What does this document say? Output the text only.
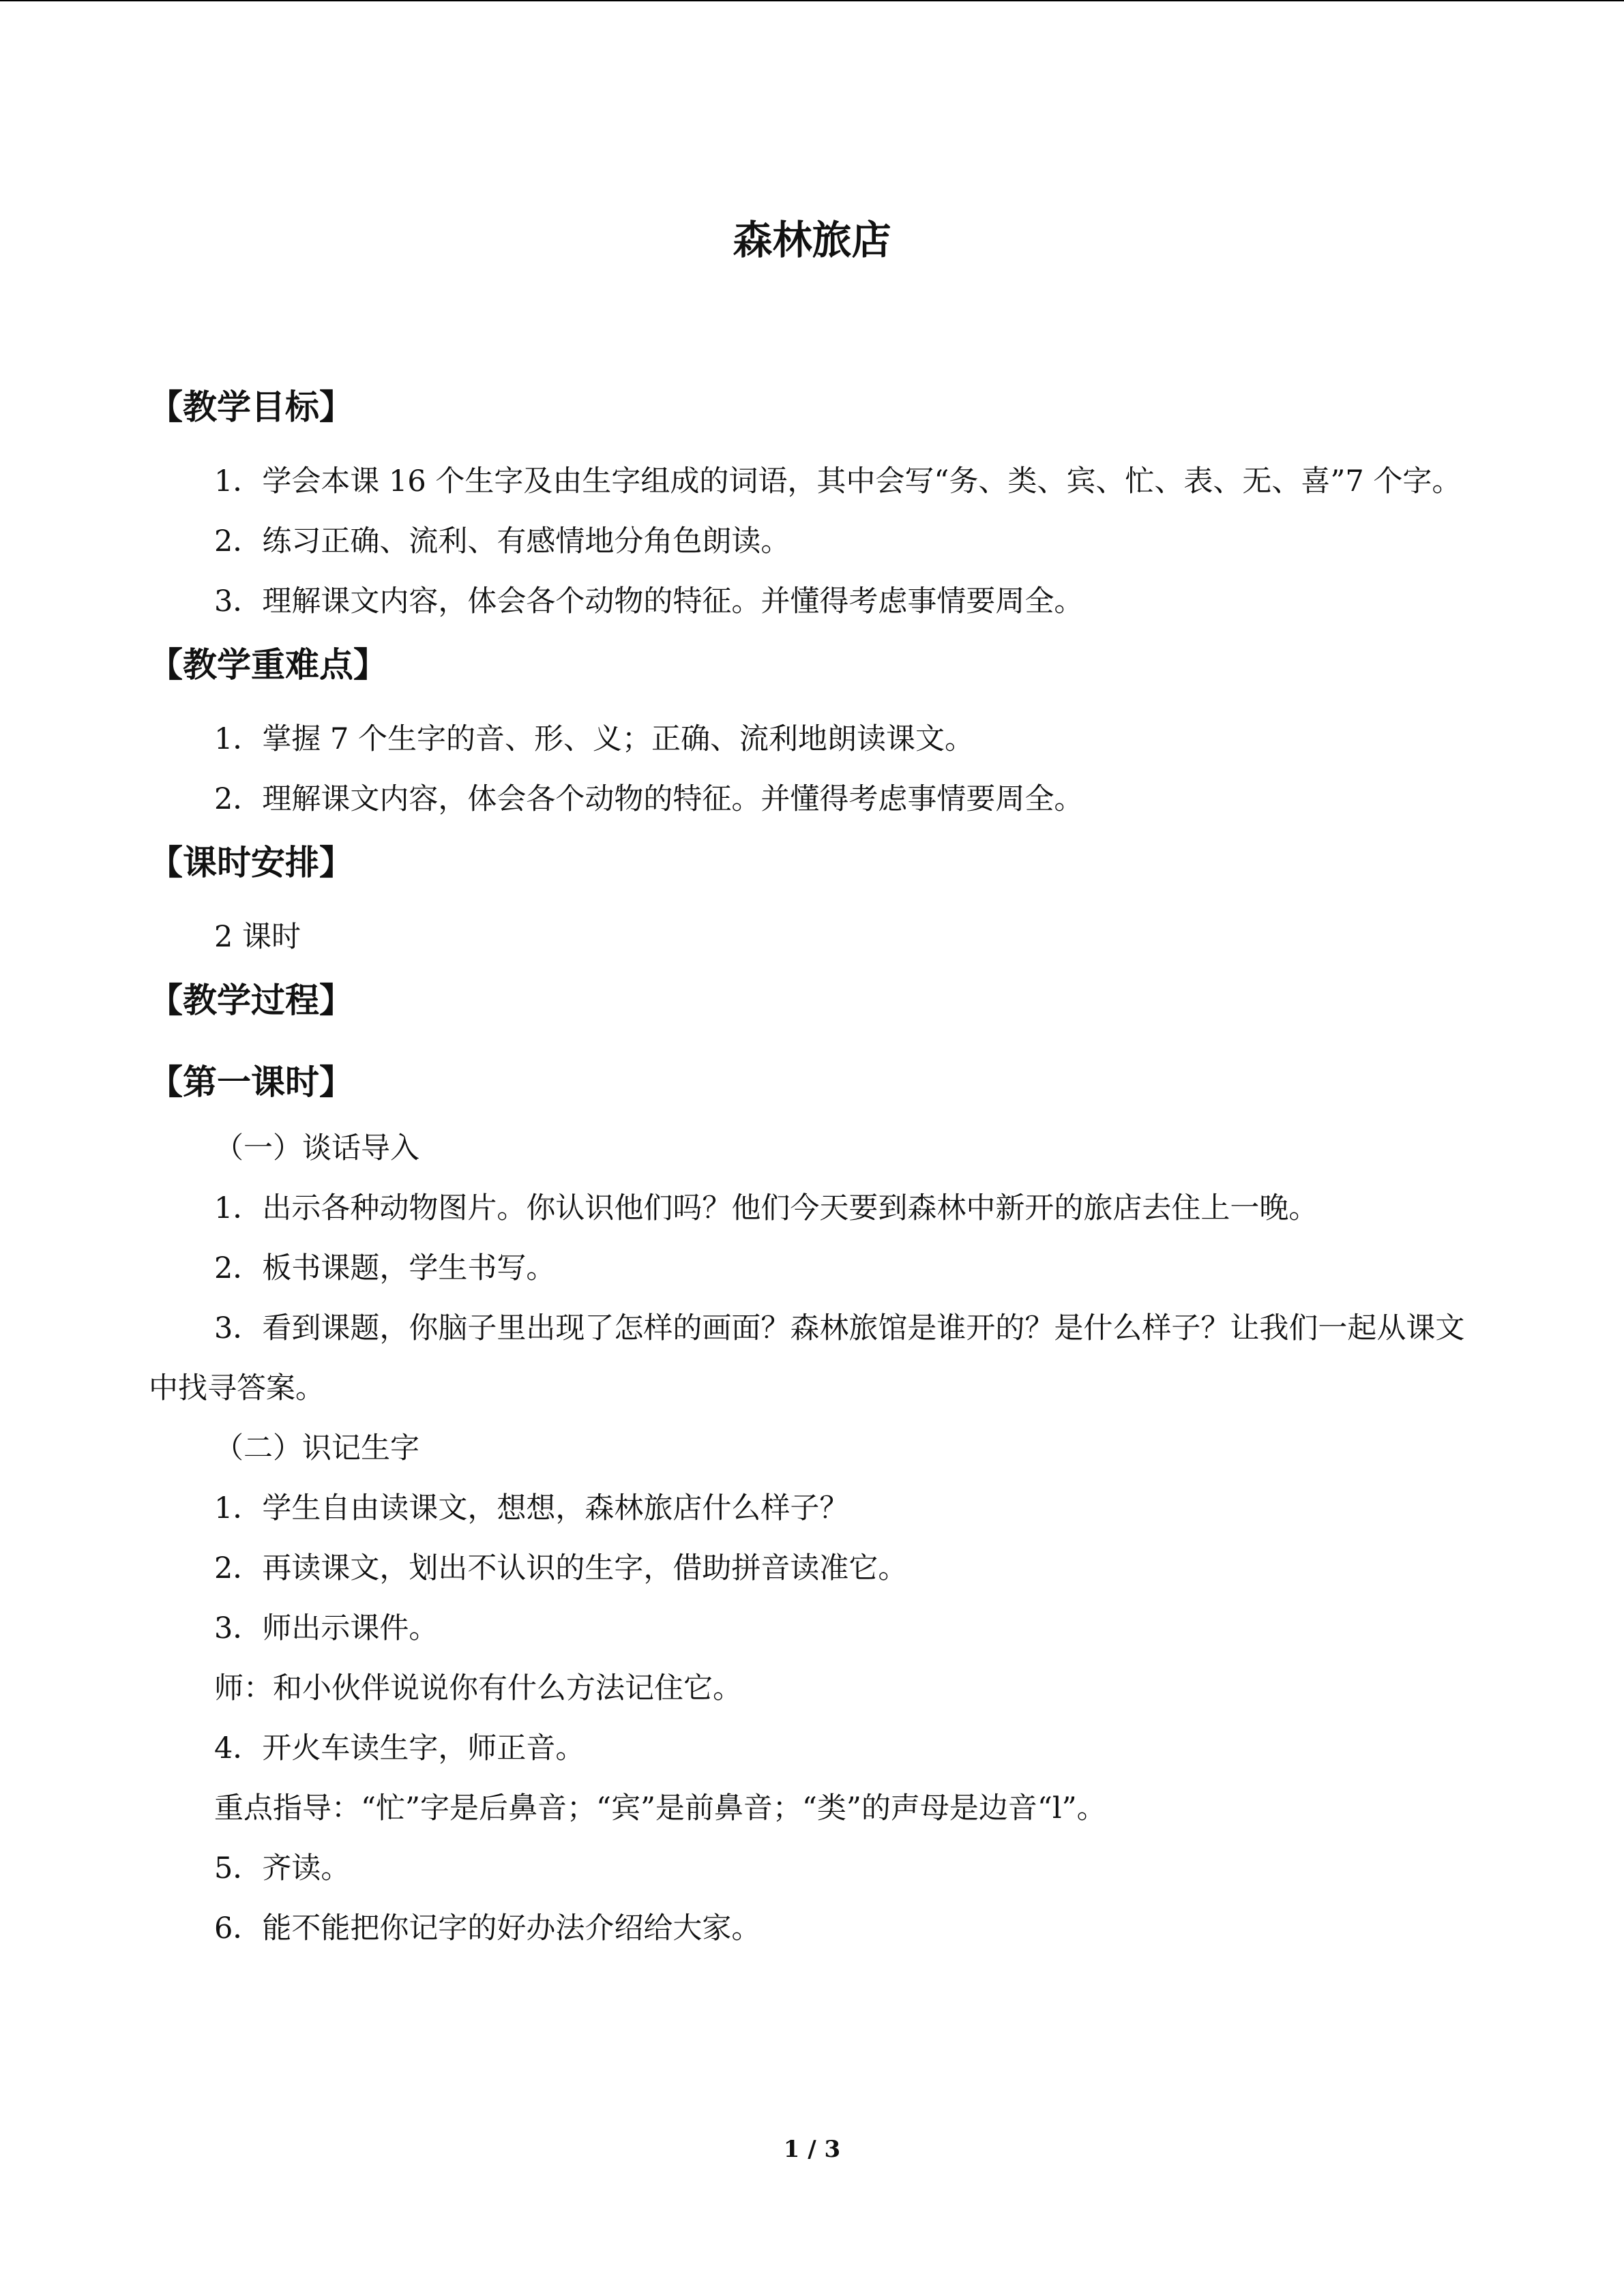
森林旅店
【教学目标】

1．学会本课 16 个生字及由生字组成的词语，其中会写“务、类、宾、忙、表、无、喜”7 个字。

2．练习正确、流利、有感情地分角色朗读。

3．理解课文内容，体会各个动物的特征。并懂得考虑事情要周全。

【教学重难点】

1．掌握 7 个生字的音、形、义；正确、流利地朗读课文。

2．理解课文内容，体会各个动物的特征。并懂得考虑事情要周全。

【课时安排】

2 课时

【教学过程】
【第一课时】

（一）谈话导入

1．出示各种动物图片。你认识他们吗？他们今天要到森林中新开的旅店去住上一晚。

2．板书课题，学生书写。

3．看到课题，你脑子里出现了怎样的画面？森林旅馆是谁开的？是什么样子？让我们一起从课文中找寻答案。

（二）识记生字

1．学生自由读课文，想想，森林旅店什么样子？

2．再读课文，划出不认识的生字，借助拼音读准它。

3．师出示课件。

师：和小伙伴说说你有什么方法记住它。

4．开火车读生字，师正音。

重点指导：“忙”字是后鼻音；“宾”是前鼻音；“类”的声母是边音“l”。

5．齐读。

6．能不能把你记字的好办法介绍给大家。

1 / 3
